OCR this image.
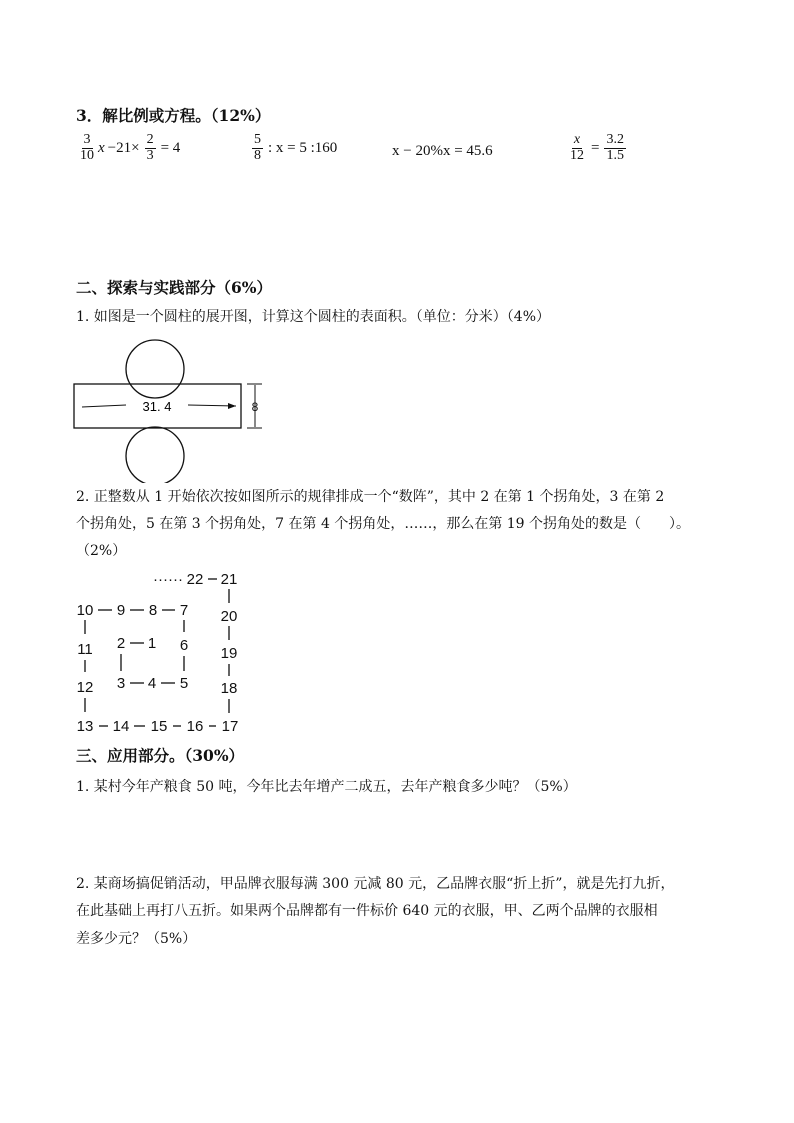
3．解比例或方程。（12%）
$\frac{3}{10}$ $x -21\times \frac{2}{3} = 4$	$\frac{5}{8}$ : x = 5 :160	x − 20%x = 45.6	$\frac{x}{12} = \frac{3.2}{1.5}$
二、探索与实践部分（6%）
1. 如图是一个圆柱的展开图，计算这个圆柱的表面积。（单位：分米）（4%）
31. 4	8
2. 正整数从 1 开始依次按如图所示的规律排成一个“数阵”，其中 2 在第 1 个拐角处，3 在第 2
个拐角处，5 在第 3 个拐角处，7 在第 4 个拐角处，……，那么在第 19 个拐角处的数是（　　）。
（2%）
······ 22 21
10 9 8 7 20
11 2 1 6 19
12 3 4 5 18
13 14 15 16 17
三、应用部分。（30%）
1. 某村今年产粮食 50 吨，今年比去年增产二成五，去年产粮食多少吨？（5%）
2. 某商场搞促销活动，甲品牌衣服每满 300 元减 80 元，乙品牌衣服“折上折”，就是先打九折，
在此基础上再打八五折。如果两个品牌都有一件标价 640 元的衣服，甲、乙两个品牌的衣服相
差多少元？（5%）
